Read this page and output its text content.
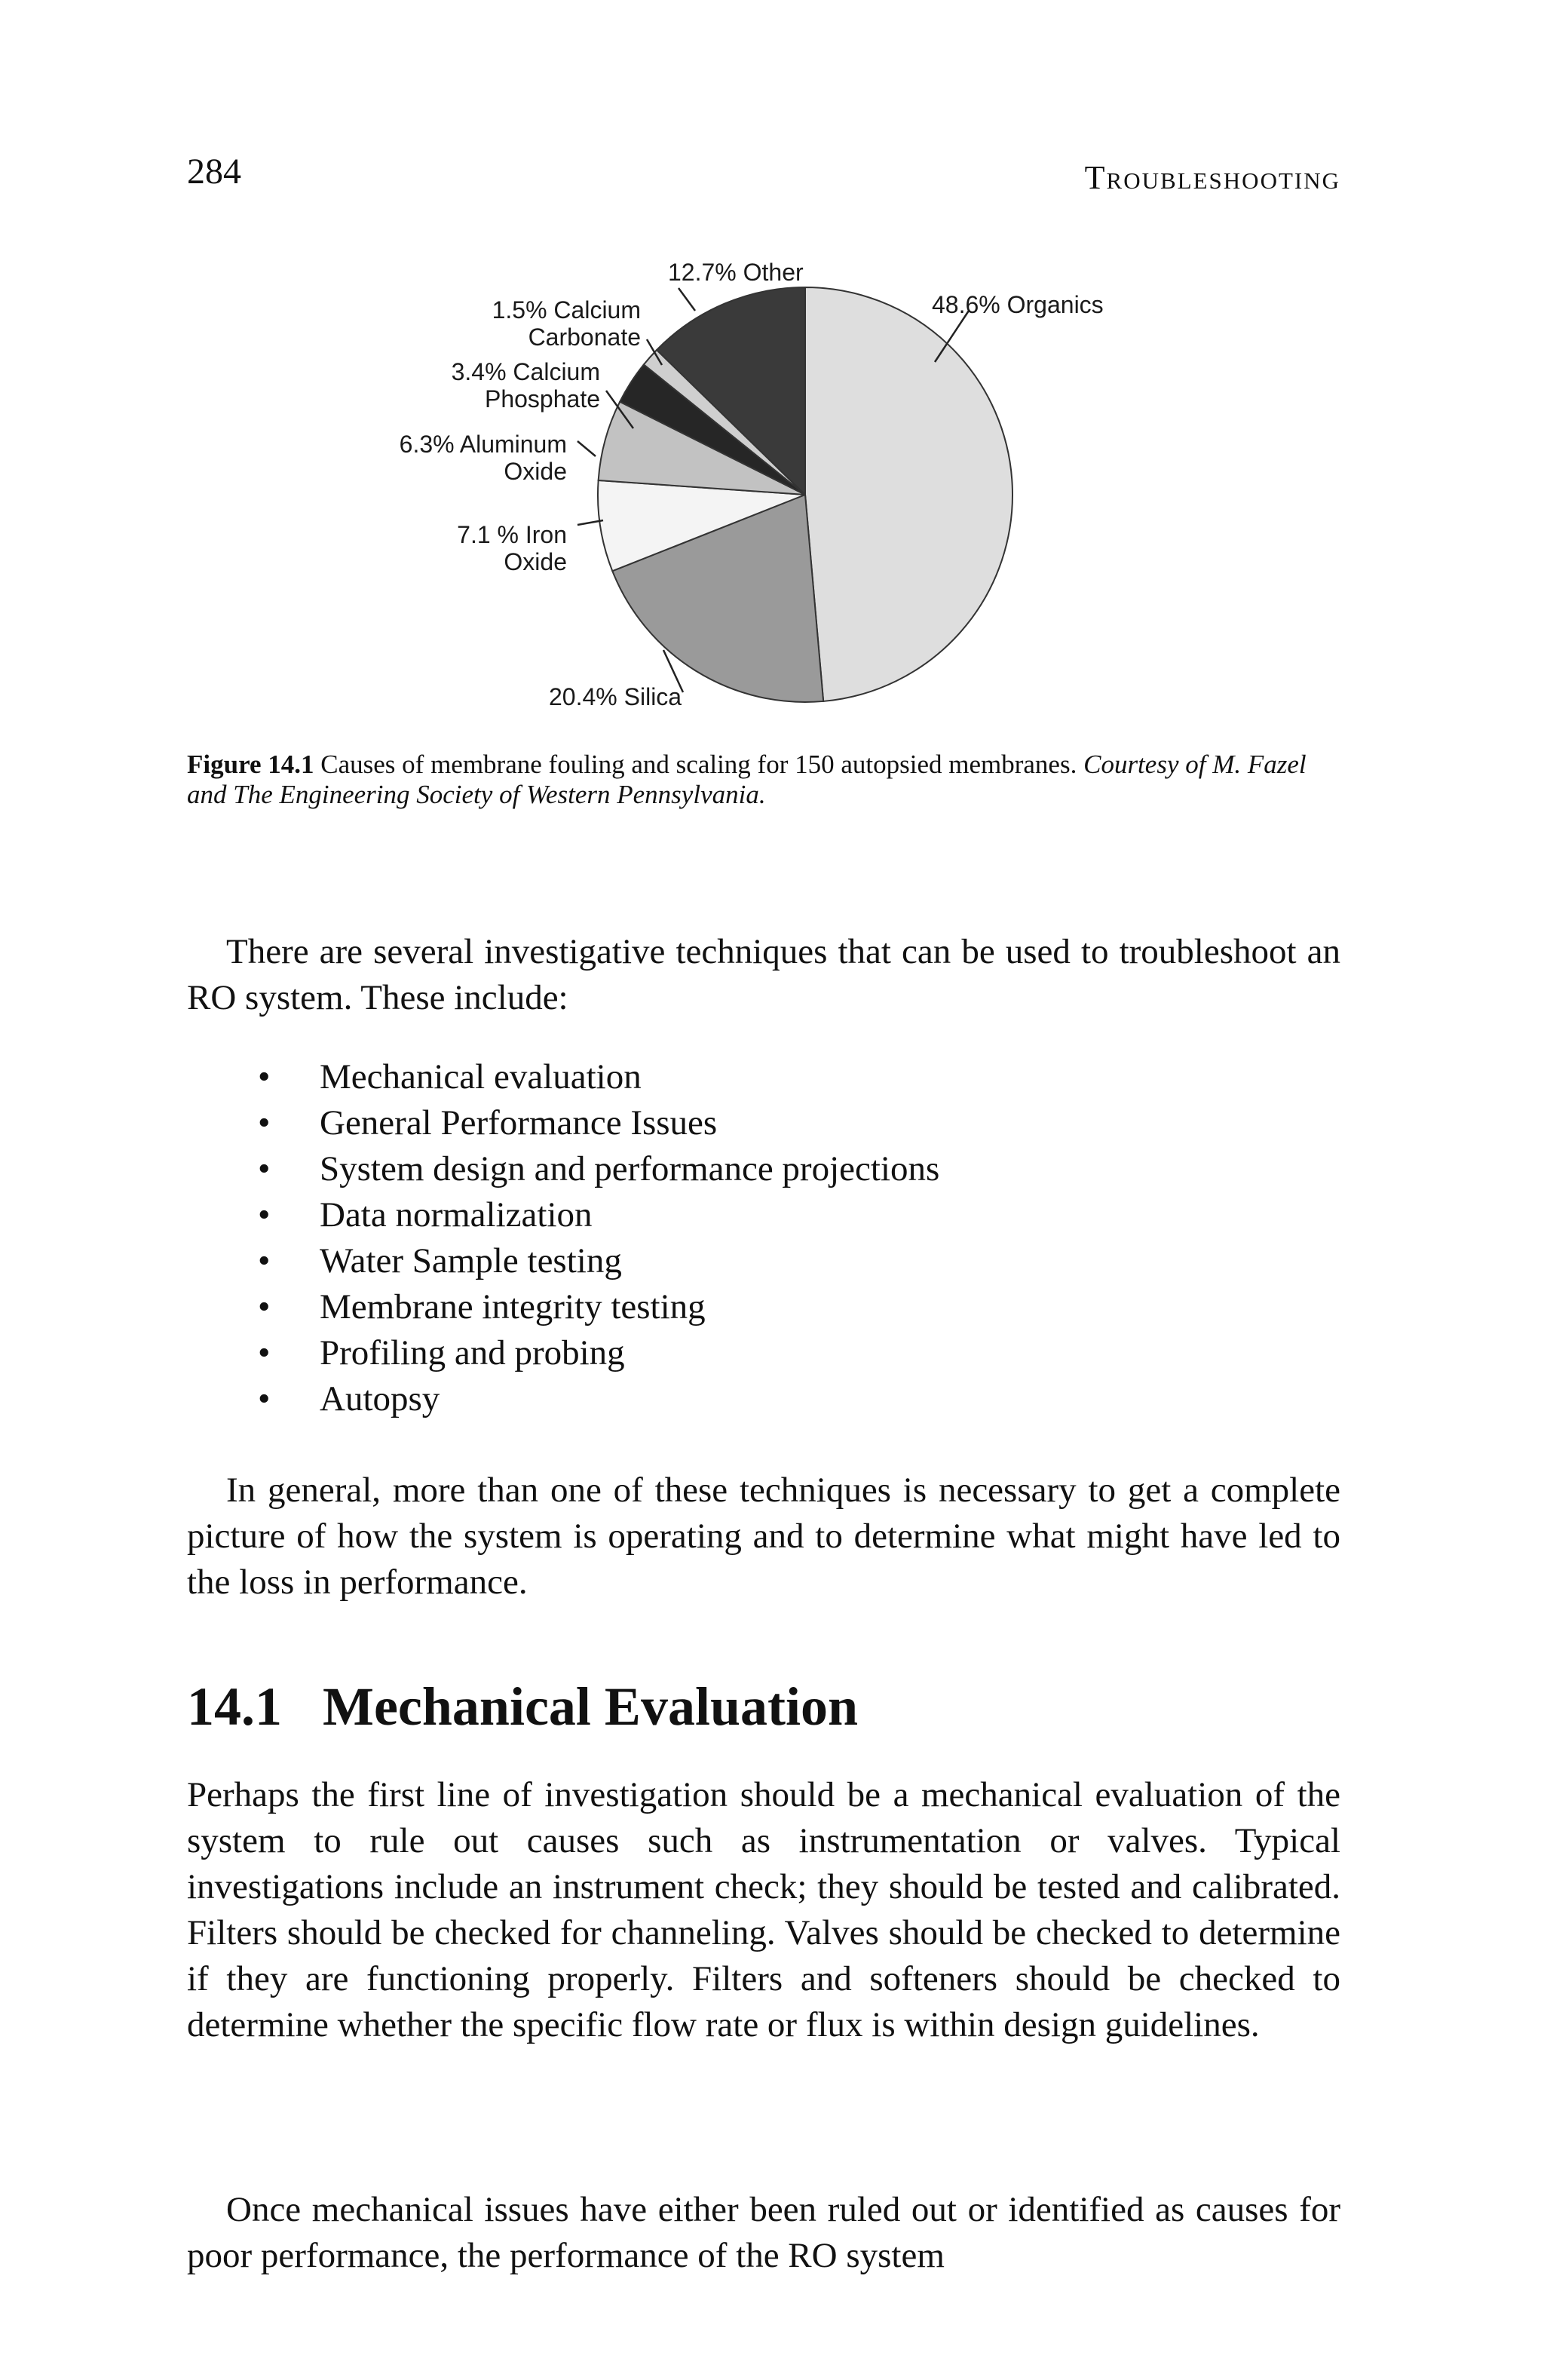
284	Troubleshooting
48.6% Organics
20.4% Silica
7.1 % Iron
Oxide
6.3% Aluminum
Oxide
3.4% Calcium
Phosphate
1.5% Calcium
Carbonate
12.7% Other
Figure 14.1 Causes of membrane fouling and scaling for 150 autopsied membranes. Courtesy of M. Fazel and The Engineering Society of Western Pennsylvania.

There are several investigative techniques that can be used to troubleshoot an RO system. These include:

• Mechanical evaluation
• General Performance Issues
• System design and performance projections
• Data normalization
• Water Sample testing
• Membrane integrity testing
• Profiling and probing
• Autopsy

In general, more than one of these techniques is necessary to get a complete picture of how the system is operating and to determine what might have led to the loss in performance.

14.1 Mechanical Evaluation

Perhaps the first line of investigation should be a mechanical evaluation of the system to rule out causes such as instrumentation or valves. Typical investigations include an instrument check; they should be tested and calibrated. Filters should be checked for channeling. Valves should be checked to determine if they are functioning properly. Filters and softeners should be checked to determine whether the specific flow rate or flux is within design guidelines.

Once mechanical issues have either been ruled out or identified as causes for poor performance, the performance of the RO system
